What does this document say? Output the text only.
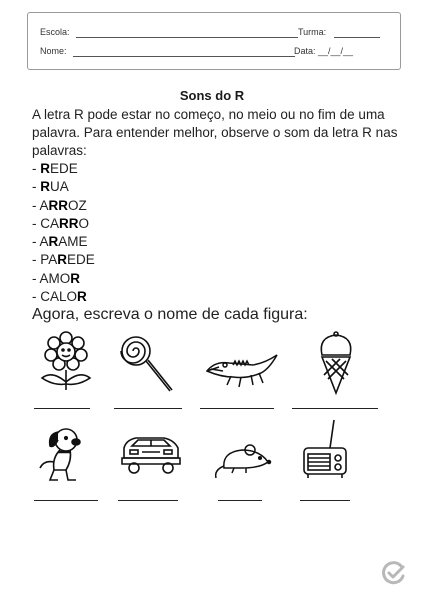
Escola:	Turma:
Nome:	Data: __/__/__
Sons do R
A letra R pode estar no começo, no meio ou no fim de uma palavra. Para entender melhor, observe o som da letra R nas palavras:
- REDE
- RUA
- ARROZ
- CARRO
- ARAME
- PAREDE
- AMOR
- CALOR
Agora, escreva o nome de cada figura:
